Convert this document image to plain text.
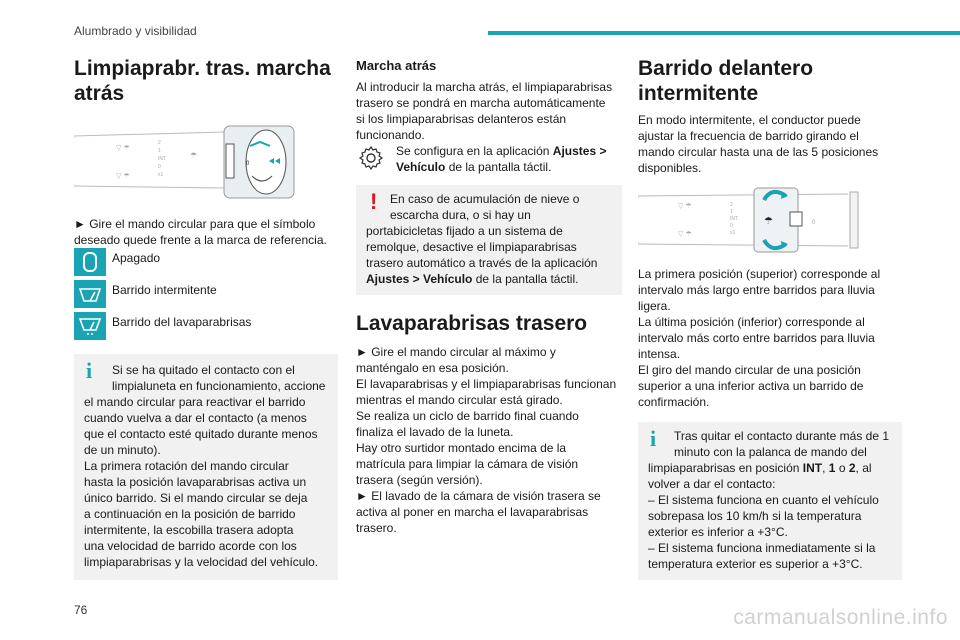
Alumbrado y visibilidad
Limpiaprabr. tras. marcha
atrás
▽ ☂
▽ ☂
2
1
INT
0
x1
☂
0

► Gire el mando circular para que el símbolo
deseado quede frente a la marca de referencia.

Apagado
Barrido intermitente
Barrido del lavaparabrisas
i	Si se ha quitado el contacto con el

limpialuneta en funcionamiento, accione

el mando circular para reactivar el barrido

cuando vuelva a dar el contacto (a menos

que el contacto esté quitado durante menos

de un minuto).

La primera rotación del mando circular

hasta la posición lavaparabrisas activa un

único barrido. Si el mando circular se deja

a continuación en la posición de barrido

intermitente, la escobilla trasera adopta

una velocidad de barrido acorde con los

limpiaparabrisas y la velocidad del vehículo.

Marcha atrás

Al introducir la marcha atrás, el limpiaparabrisas

trasero se pondrá en marcha automáticamente

si los limpiaparabrisas delanteros están

funcionando.

Se configura en la aplicación Ajustes >

Vehículo de la pantalla táctil.

!	En caso de acumulación de nieve o

escarcha dura, o si hay un

portabicicletas fijado a un sistema de

remolque, desactive el limpiaparabrisas

trasero automático a través de la aplicación

Ajustes > Vehículo de la pantalla táctil.

Lavaparabrisas trasero

► Gire el mando circular al máximo y

manténgalo en esa posición.

El lavaparabrisas y el limpiaparabrisas funcionan

mientras el mando circular está girado.

Se realiza un ciclo de barrido final cuando

finaliza el lavado de la luneta.

Hay otro surtidor montado encima de la

matrícula para limpiar la cámara de visión

trasera (según versión).

► El lavado de la cámara de visión trasera se

activa al poner en marcha el lavaparabrisas

trasero.

Barrido delantero
intermitente

En modo intermitente, el conductor puede

ajustar la frecuencia de barrido girando el

mando circular hasta una de las 5 posiciones

disponibles.

▽ ☂
▽ ☂
2
1
INT
0
x1
☂	0

La primera posición (superior) corresponde al

intervalo más largo entre barridos para lluvia

ligera.

La última posición (inferior) corresponde al

intervalo más corto entre barridos para lluvia

intensa.

El giro del mando circular de una posición

superior a una inferior activa un barrido de

confirmación.

i	Tras quitar el contacto durante más de 1

minuto con la palanca de mando del

limpiaparabrisas en posición INT, 1 o 2, al

volver a dar el contacto:

– El sistema funciona en cuanto el vehículo

sobrepasa los 10 km/h si la temperatura

exterior es inferior a +3°C.

– El sistema funciona inmediatamente si la

temperatura exterior es superior a +3°C.

76	carmanualsonline.info
